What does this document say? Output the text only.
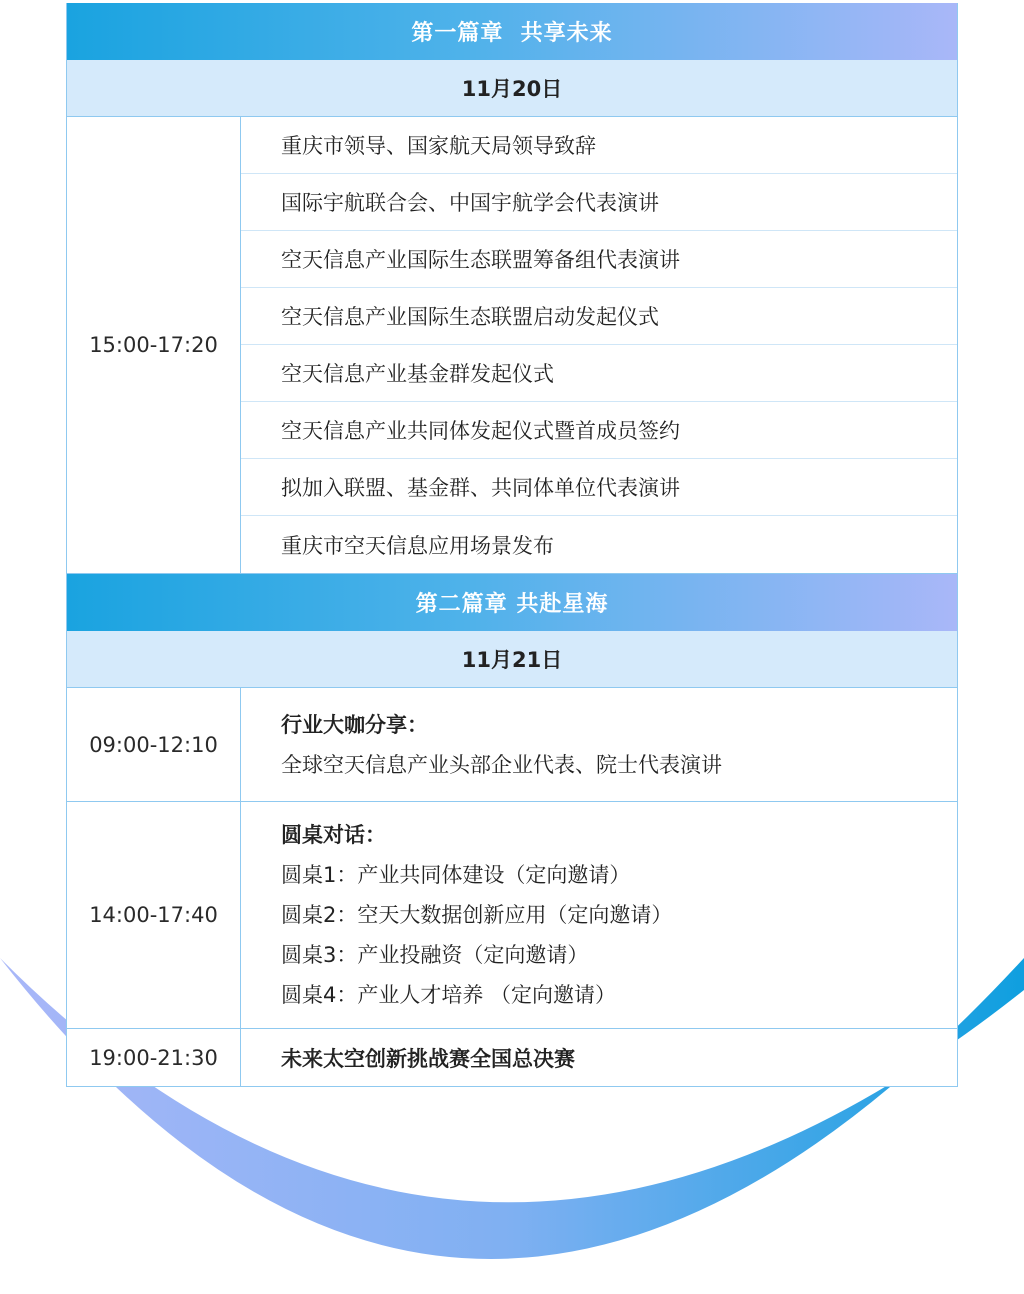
第一篇章  共享未来
11月20日
15:00-17:20
重庆市领导、国家航天局领导致辞
国际宇航联合会、中国宇航学会代表演讲
空天信息产业国际生态联盟筹备组代表演讲
空天信息产业国际生态联盟启动发起仪式
空天信息产业基金群发起仪式
空天信息产业共同体发起仪式暨首成员签约
拟加入联盟、基金群、共同体单位代表演讲
重庆市空天信息应用场景发布
第二篇章 共赴星海
11月21日
09:00-12:10
行业大咖分享：
全球空天信息产业头部企业代表、院士代表演讲
14:00-17:40
圆桌对话：
圆桌1：产业共同体建设（定向邀请）
圆桌2：空天大数据创新应用（定向邀请）
圆桌3：产业投融资（定向邀请）
圆桌4：产业人才培养 （定向邀请）
19:00-21:30	未来太空创新挑战赛全国总决赛
